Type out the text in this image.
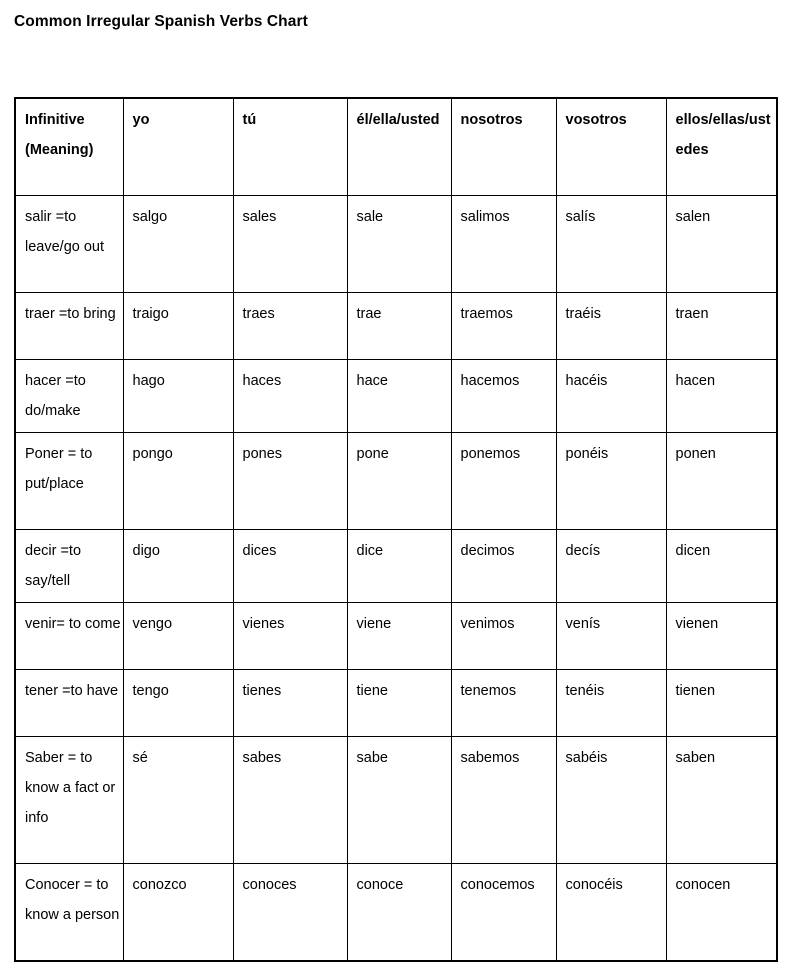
Common Irregular Spanish Verbs Chart
Infinitive (Meaning)	yo	tú	él/ella/usted	nosotros	vosotros	ellos/ellas/ustedes
salir =to leave/go out	salgo	sales	sale	salimos	salís	salen
traer =to bring	traigo	traes	trae	traemos	traéis	traen
hacer =to do/make	hago	haces	hace	hacemos	hacéis	hacen
Poner = to put/place	pongo	pones	pone	ponemos	ponéis	ponen
decir =to say/tell	digo	dices	dice	decimos	decís	dicen
venir= to come	vengo	vienes	viene	venimos	venís	vienen
tener =to have	tengo	tienes	tiene	tenemos	tenéis	tienen
Saber = to know a fact or info	sé	sabes	sabe	sabemos	sabéis	saben
Conocer = to know a person	conozco	conoces	conoce	conocemos	conocéis	conocen
